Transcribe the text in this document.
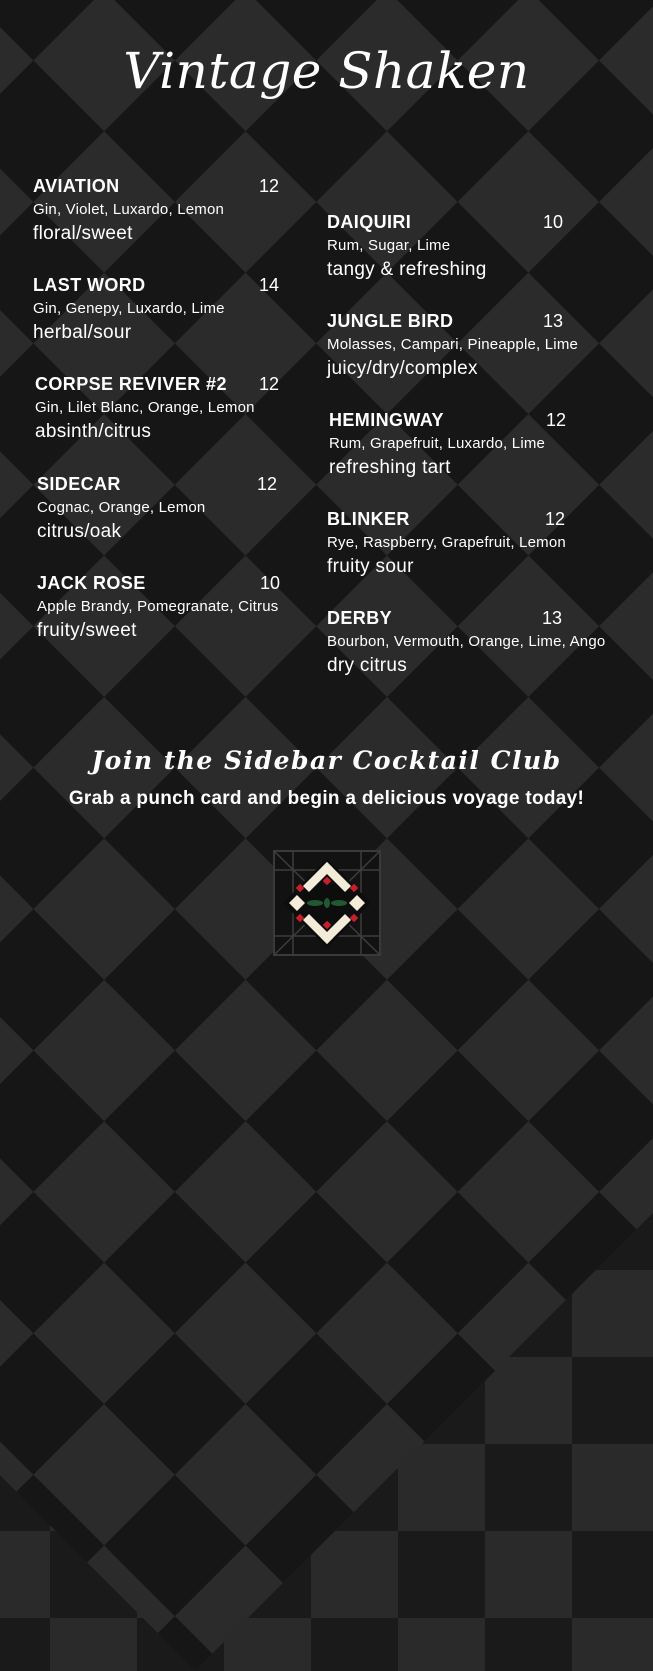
Vintage Shaken
AVIATION	12
Gin, Violet, Luxardo, Lemon
floral/sweet
LAST WORD	14
Gin, Genepy, Luxardo, Lime
herbal/sour
CORPSE REVIVER #2 12
Gin, Lilet Blanc, Orange, Lemon
absinth/citrus
SIDECAR	12
Cognac, Orange, Lemon
citrus/oak
JACK ROSE	10
Apple Brandy, Pomegranate, Citrus
fruity/sweet
DAIQUIRI	10
Rum, Sugar, Lime
tangy & refreshing
JUNGLE BIRD	13
Molasses, Campari, Pineapple, Lime
juicy/dry/complex
HEMINGWAY	12
Rum, Grapefruit, Luxardo, Lime
refreshing tart
BLINKER	12
Rye, Raspberry, Grapefruit, Lemon
fruity sour
DERBY	13
Bourbon, Vermouth, Orange, Lime, Ango
dry citrus
Join the Sidebar Cocktail Club
Grab a punch card and begin a delicious voyage today!
